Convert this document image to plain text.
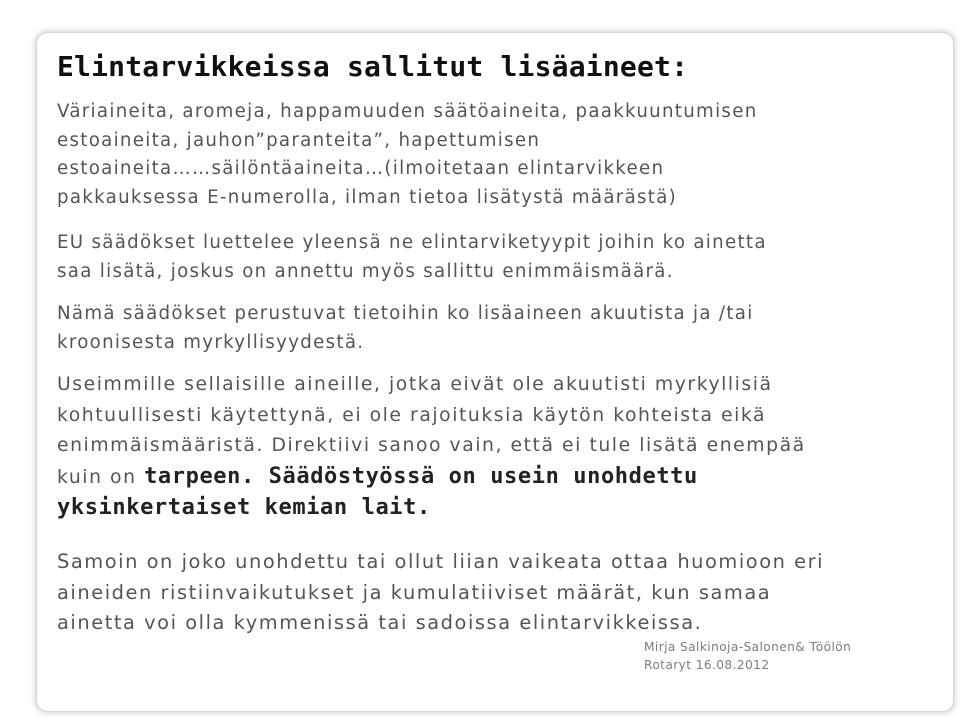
Elintarvikkeissa sallitut lisäaineet:

Väriaineita, aromeja, happamuuden säätöaineita, paakkuuntumisen
estoaineita, jauhon”paranteita”, hapettumisen
estoaineita……säilöntäaineita…(ilmoitetaan elintarvikkeen
pakkauksessa E-numerolla, ilman tietoa lisätystä määrästä)

EU säädökset luettelee yleensä ne elintarviketyypit joihin ko ainetta
saa lisätä, joskus on annettu myös sallittu enimmäismäärä.

Nämä säädökset perustuvat tietoihin ko lisäaineen akuutista ja /tai
kroonisesta myrkyllisyydestä.

Useimmille sellaisille aineille, jotka eivät ole akuutisti myrkyllisiä
kohtuullisesti käytettynä, ei ole rajoituksia käytön kohteista eikä
enimmäismääristä. Direktiivi sanoo vain, että ei tule lisätä enempää
kuin on tarpeen. Säädöstyössä on usein unohdettu
yksinkertaiset kemian lait.

Samoin on joko unohdettu tai ollut liian vaikeata ottaa huomioon eri
aineiden ristiinvaikutukset ja kumulatiiviset määrät, kun samaa
ainetta voi olla kymmenissä tai sadoissa elintarvikkeissa.

Mirja Salkinoja-Salonen& Töölön
Rotaryt 16.08.2012
